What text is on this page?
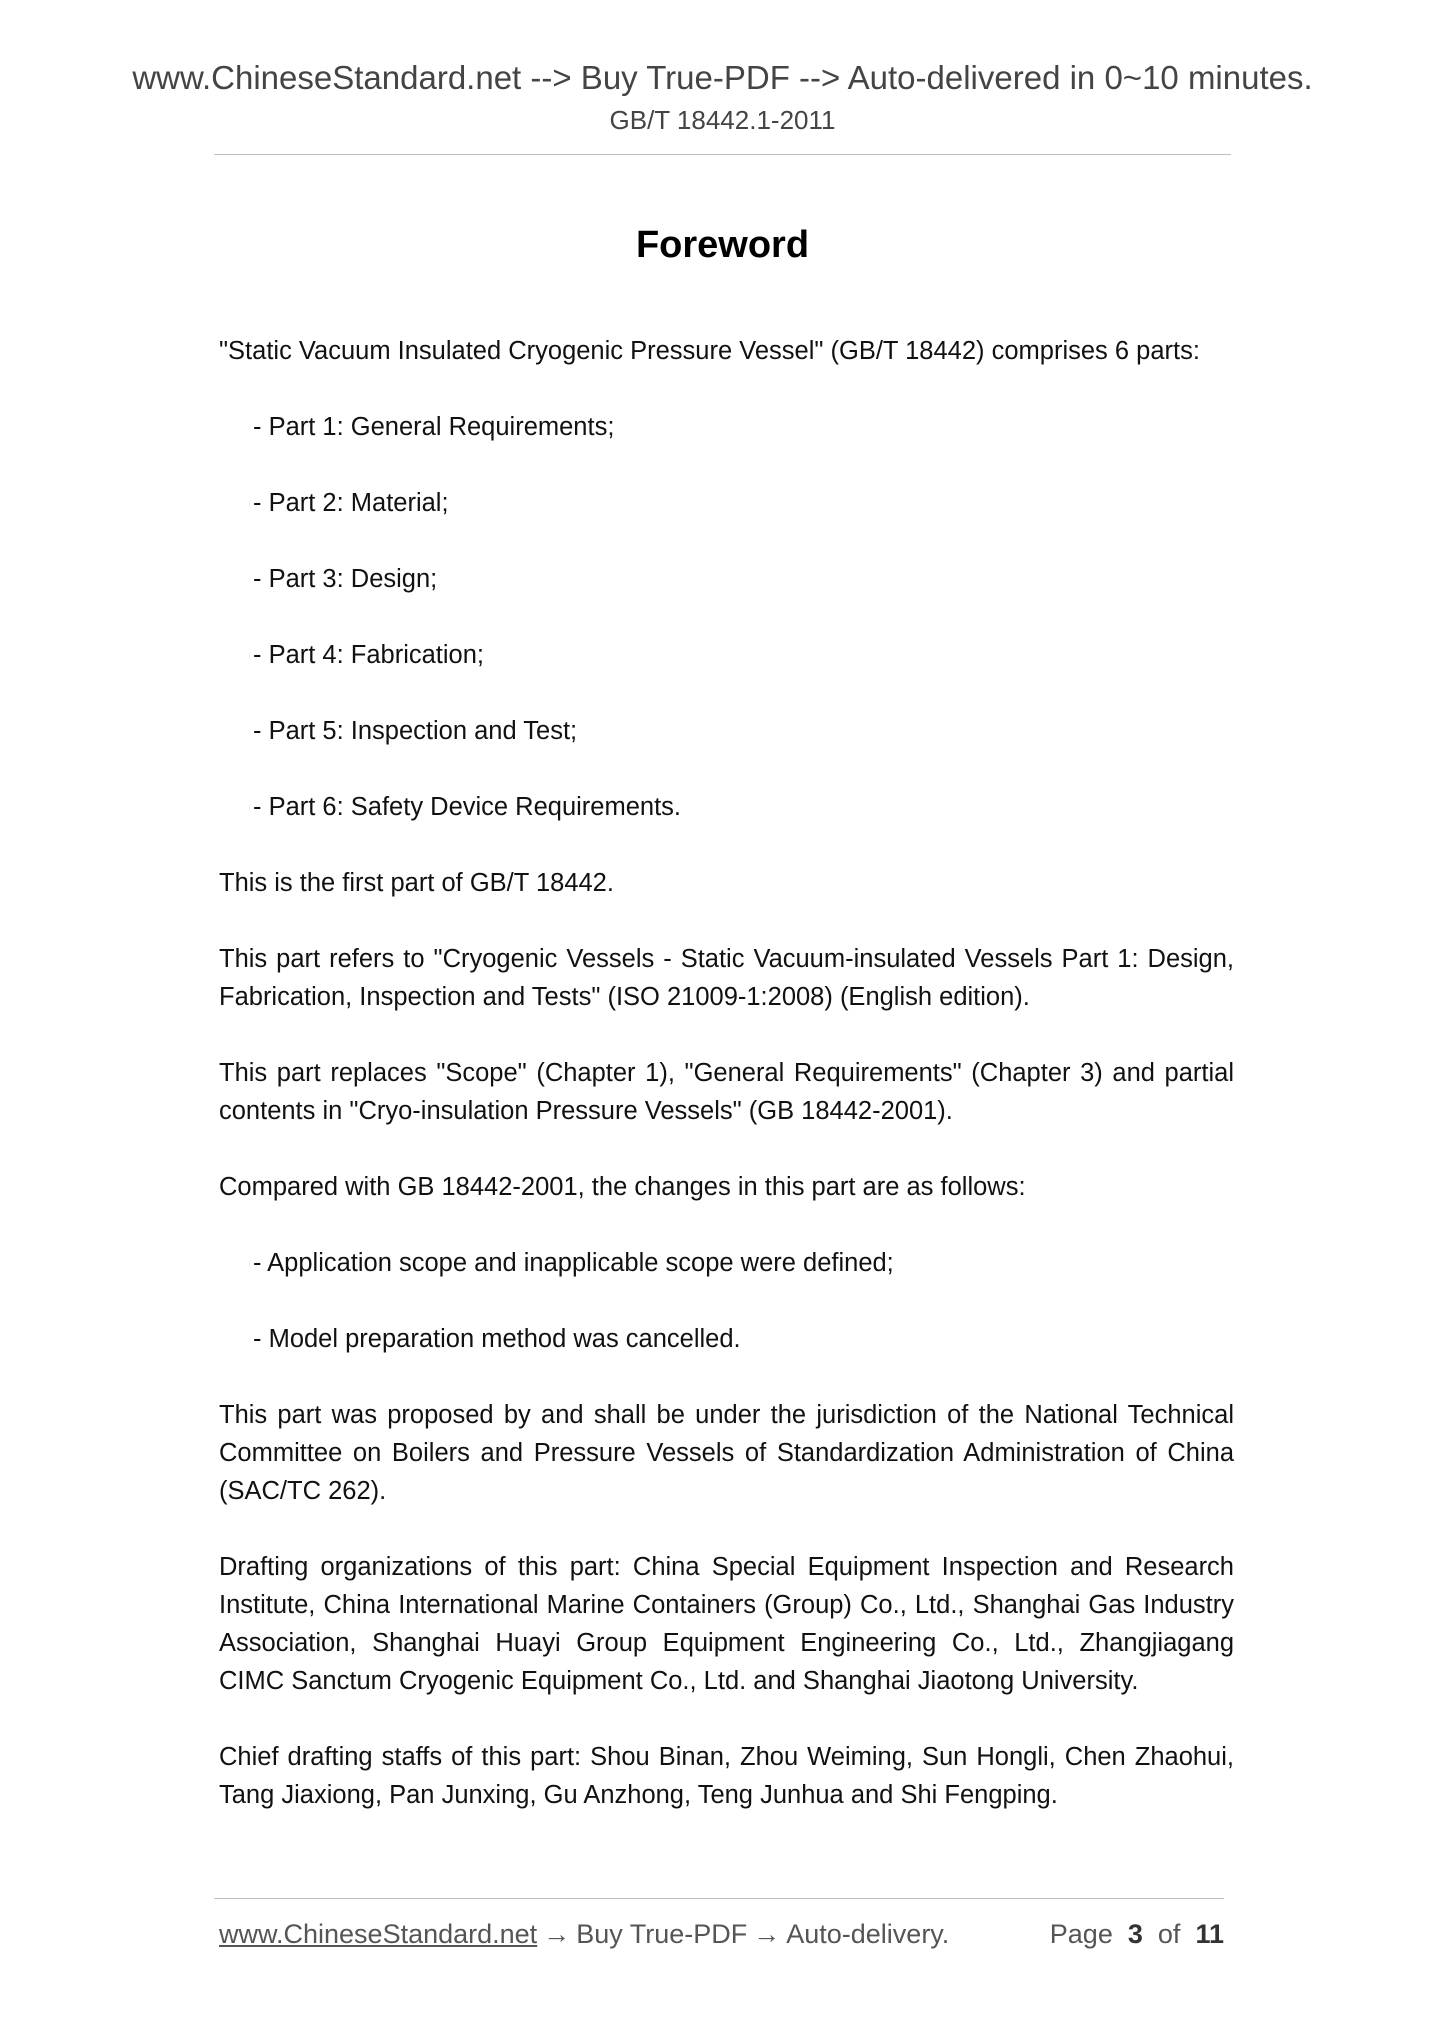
www.ChineseStandard.net --> Buy True-PDF --> Auto-delivered in 0~10 minutes.
GB/T 18442.1-2011
Foreword

"Static Vacuum Insulated Cryogenic Pressure Vessel" (GB/T 18442) comprises 6 parts:

- Part 1: General Requirements;
- Part 2: Material;
- Part 3: Design;
- Part 4: Fabrication;
- Part 5: Inspection and Test;
- Part 6: Safety Device Requirements.

This is the first part of GB/T 18442.

This part refers to "Cryogenic Vessels - Static Vacuum-insulated Vessels Part 1: Design, Fabrication, Inspection and Tests" (ISO 21009-1:2008) (English edition).

This part replaces "Scope" (Chapter 1), "General Requirements" (Chapter 3) and partial contents in "Cryo-insulation Pressure Vessels" (GB 18442-2001).

Compared with GB 18442-2001, the changes in this part are as follows:

- Application scope and inapplicable scope were defined;
- Model preparation method was cancelled.

This part was proposed by and shall be under the jurisdiction of the National Technical Committee on Boilers and Pressure Vessels of Standardization Administration of China (SAC/TC 262).

Drafting organizations of this part: China Special Equipment Inspection and Research Institute, China International Marine Containers (Group) Co., Ltd., Shanghai Gas Industry Association, Shanghai Huayi Group Equipment Engineering Co., Ltd., Zhangjiagang CIMC Sanctum Cryogenic Equipment Co., Ltd. and Shanghai Jiaotong University.

Chief drafting staffs of this part: Shou Binan, Zhou Weiming, Sun Hongli, Chen Zhaohui, Tang Jiaxiong, Pan Junxing, Gu Anzhong, Teng Junhua and Shi Fengping.

www.ChineseStandard.net → Buy True-PDF → Auto-delivery.	Page 3 of 11
